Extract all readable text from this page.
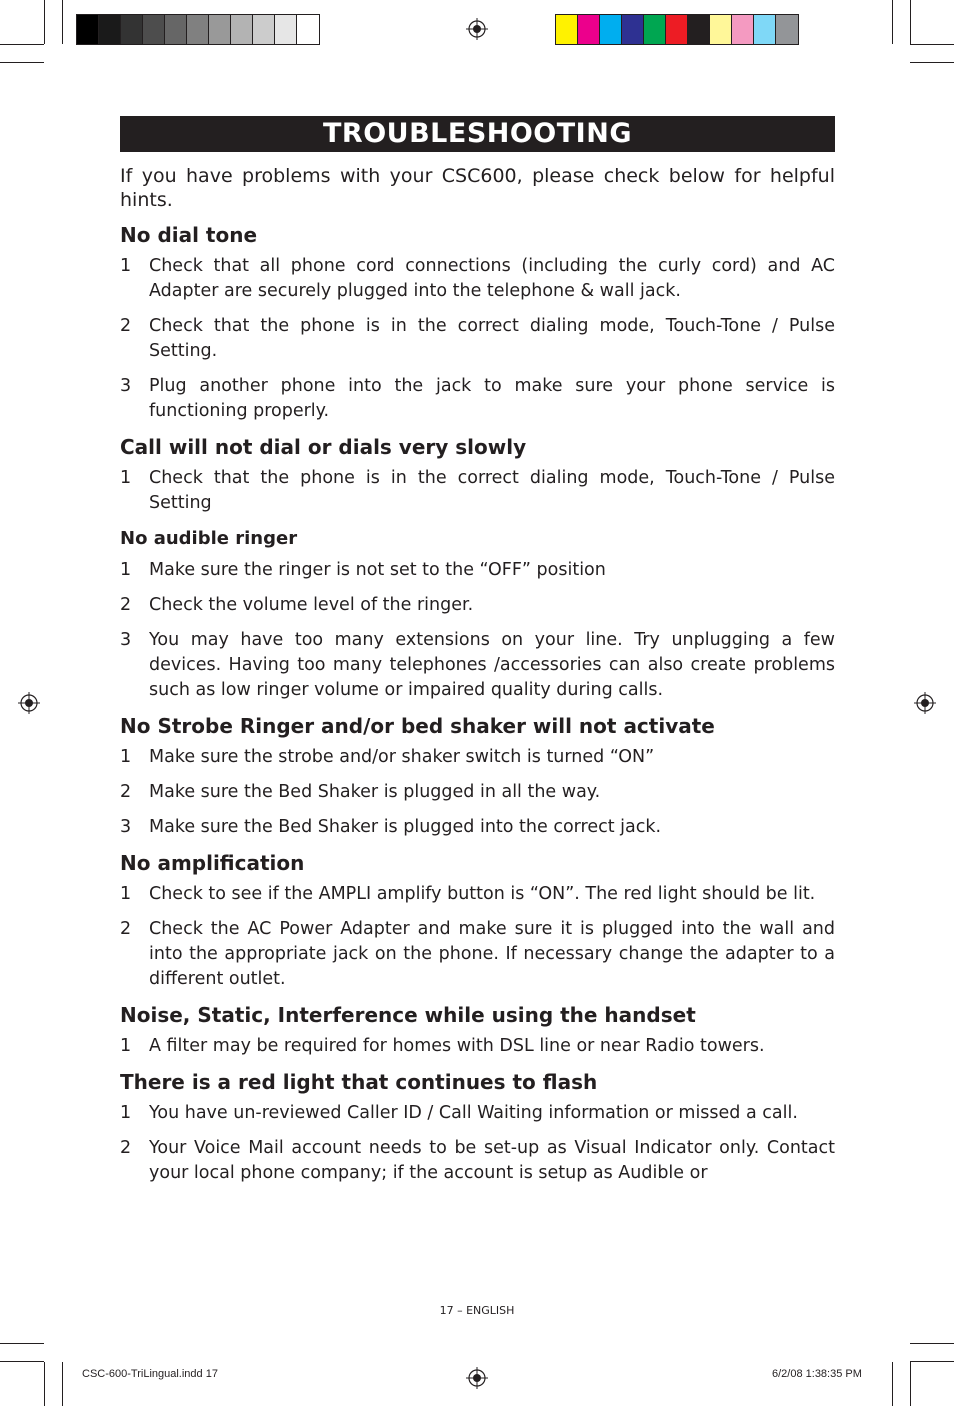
TROUBLESHOOTING
If you have problems with your CSC600, please check below for helpful hints.
No dial tone
1	Check that all phone cord connections (including the curly cord) and AC Adapter are securely plugged into the telephone & wall jack.
2	Check that the phone is in the correct dialing mode, Touch-Tone / Pulse Setting.
3	Plug another phone into the jack to make sure your phone service is functioning properly.
Call will not dial or dials very slowly
1	Check that the phone is in the correct dialing mode, Touch-Tone / Pulse Setting
No audible ringer
1	Make sure the ringer is not set to the “OFF” position
2	Check the volume level of the ringer.
3	You may have too many extensions on your line. Try unplugging a few devices. Having too many telephones /accessories can also create problems such as low ringer volume or impaired quality during calls.
No Strobe Ringer and/or bed shaker will not activate
1	Make sure the strobe and/or shaker switch is turned “ON”
2	Make sure the Bed Shaker is plugged in all the way.
3	Make sure the Bed Shaker is plugged into the correct jack.
No amplification
1	Check to see if the AMPLI amplify button is “ON”. The red light should be lit.
2	Check the AC Power Adapter and make sure it is plugged into the wall and into the appropriate jack on the phone. If necessary change the adapter to a different outlet.
Noise, Static, Interference while using the handset
1	A filter may be required for homes with DSL line or near Radio towers.
There is a red light that continues to flash
1	You have un-reviewed Caller ID / Call Waiting information or missed a call.
2	Your Voice Mail account needs to be set-up as Visual Indicator only. Contact your local phone company; if the account is setup as Audible or
17 – ENGLISH
CSC-600-TriLingual.indd 17	6/2/08 1:38:35 PM
